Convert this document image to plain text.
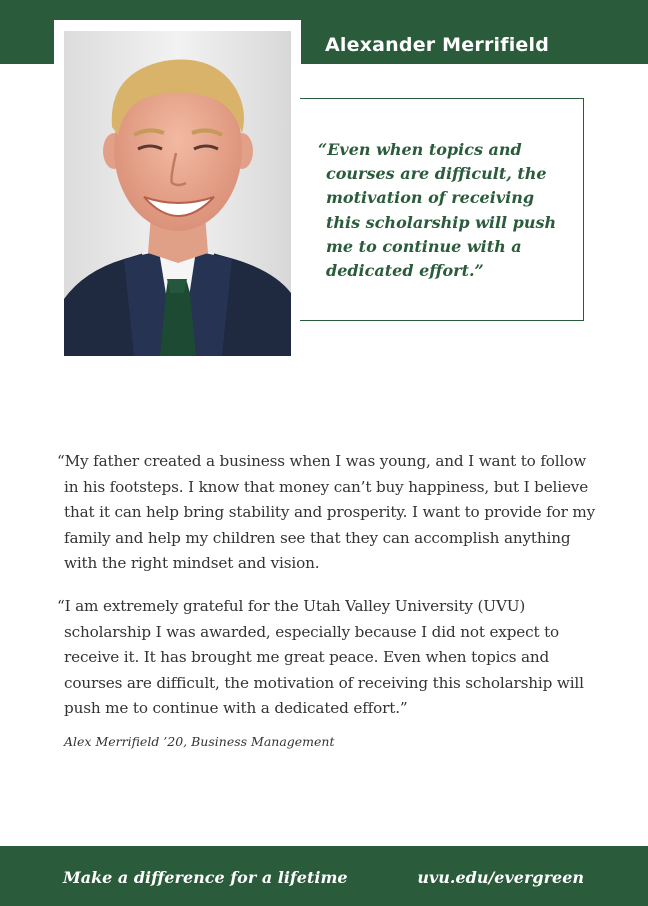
Alexander Merrifield

“Even when topics and courses are difficult, the motivation of receiving this scholarship will push me to continue with a dedicated effort.”

“My father created a business when I was young, and I want to follow in his footsteps. I know that money can’t buy happiness, but I believe that it can help bring stability and prosperity. I want to provide for my family and help my children see that they can accomplish anything with the right mindset and vision.

“I am extremely grateful for the Utah Valley University (UVU) scholarship I was awarded, especially because I did not expect to receive it. It has brought me great peace. Even when topics and courses are difficult, the motivation of receiving this scholarship will push me to continue with a dedicated effort.”

Alex Merrifield ’20, Business Management
Make a difference for a lifetime	uvu.edu/evergreen
